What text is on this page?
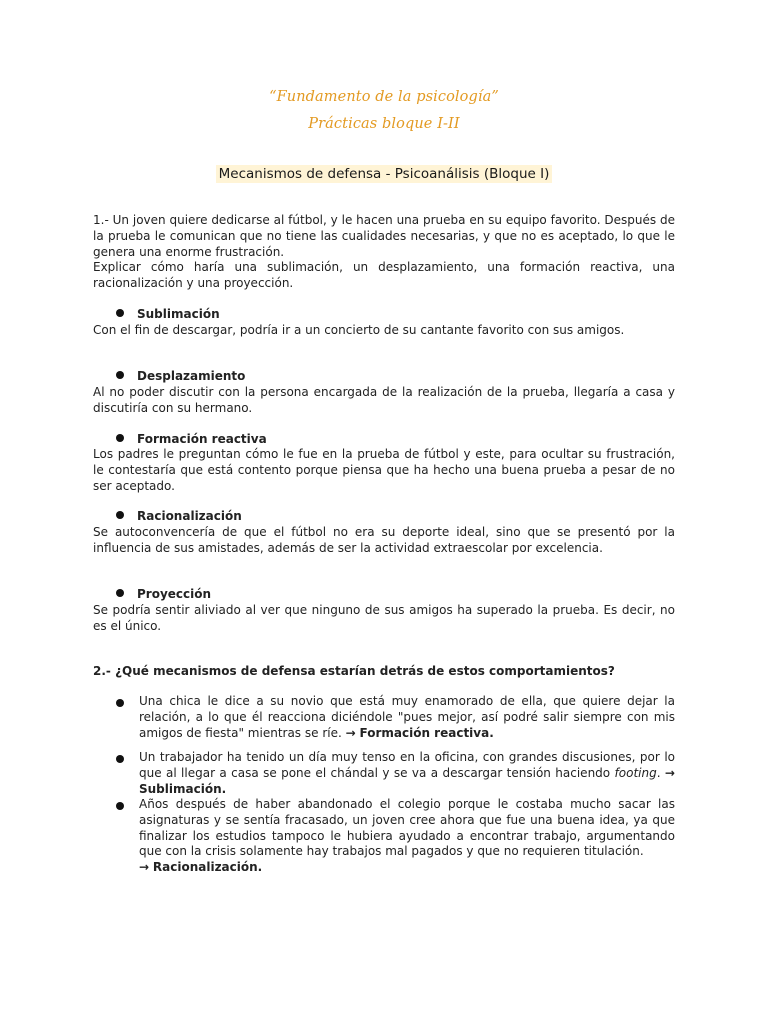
“Fundamento de la psicología”
Prácticas bloque I-II
Mecanismos de defensa - Psicoanálisis (Bloque I)
1.- Un joven quiere dedicarse al fútbol, y le hacen una prueba en su equipo favorito. Después de la prueba le comunican que no tiene las cualidades necesarias, y que no es aceptado, lo que le genera una enorme frustración.
Explicar cómo haría una sublimación, un desplazamiento, una formación reactiva, una racionalización y una proyección.
Sublimación
Con el fin de descargar, podría ir a un concierto de su cantante favorito con sus amigos.
Desplazamiento
Al no poder discutir con la persona encargada de la realización de la prueba, llegaría a casa y discutiría con su hermano.
Formación reactiva
Los padres le preguntan cómo le fue en la prueba de fútbol y este, para ocultar su frustración, le contestaría que está contento porque piensa que ha hecho una buena prueba a pesar de no ser aceptado.
Racionalización
Se autoconvencería de que el fútbol no era su deporte ideal, sino que se presentó por la influencia de sus amistades, además de ser la actividad extraescolar por excelencia.
Proyección
Se podría sentir aliviado al ver que ninguno de sus amigos ha superado la prueba. Es decir, no es el único.
2.- ¿Qué mecanismos de defensa estarían detrás de estos comportamientos?
Una chica le dice a su novio que está muy enamorado de ella, que quiere dejar la relación, a lo que él reacciona diciéndole "pues mejor, así podré salir siempre con mis amigos de fiesta" mientras se ríe. → Formación reactiva.
Un trabajador ha tenido un día muy tenso en la oficina, con grandes discusiones, por lo que al llegar a casa se pone el chándal y se va a descargar tensión haciendo footing. → Sublimación.
Años después de haber abandonado el colegio porque le costaba mucho sacar las asignaturas y se sentía fracasado, un joven cree ahora que fue una buena idea, ya que finalizar los estudios tampoco le hubiera ayudado a encontrar trabajo, argumentando que con la crisis solamente hay trabajos mal pagados y que no requieren titulación.
→ Racionalización.
